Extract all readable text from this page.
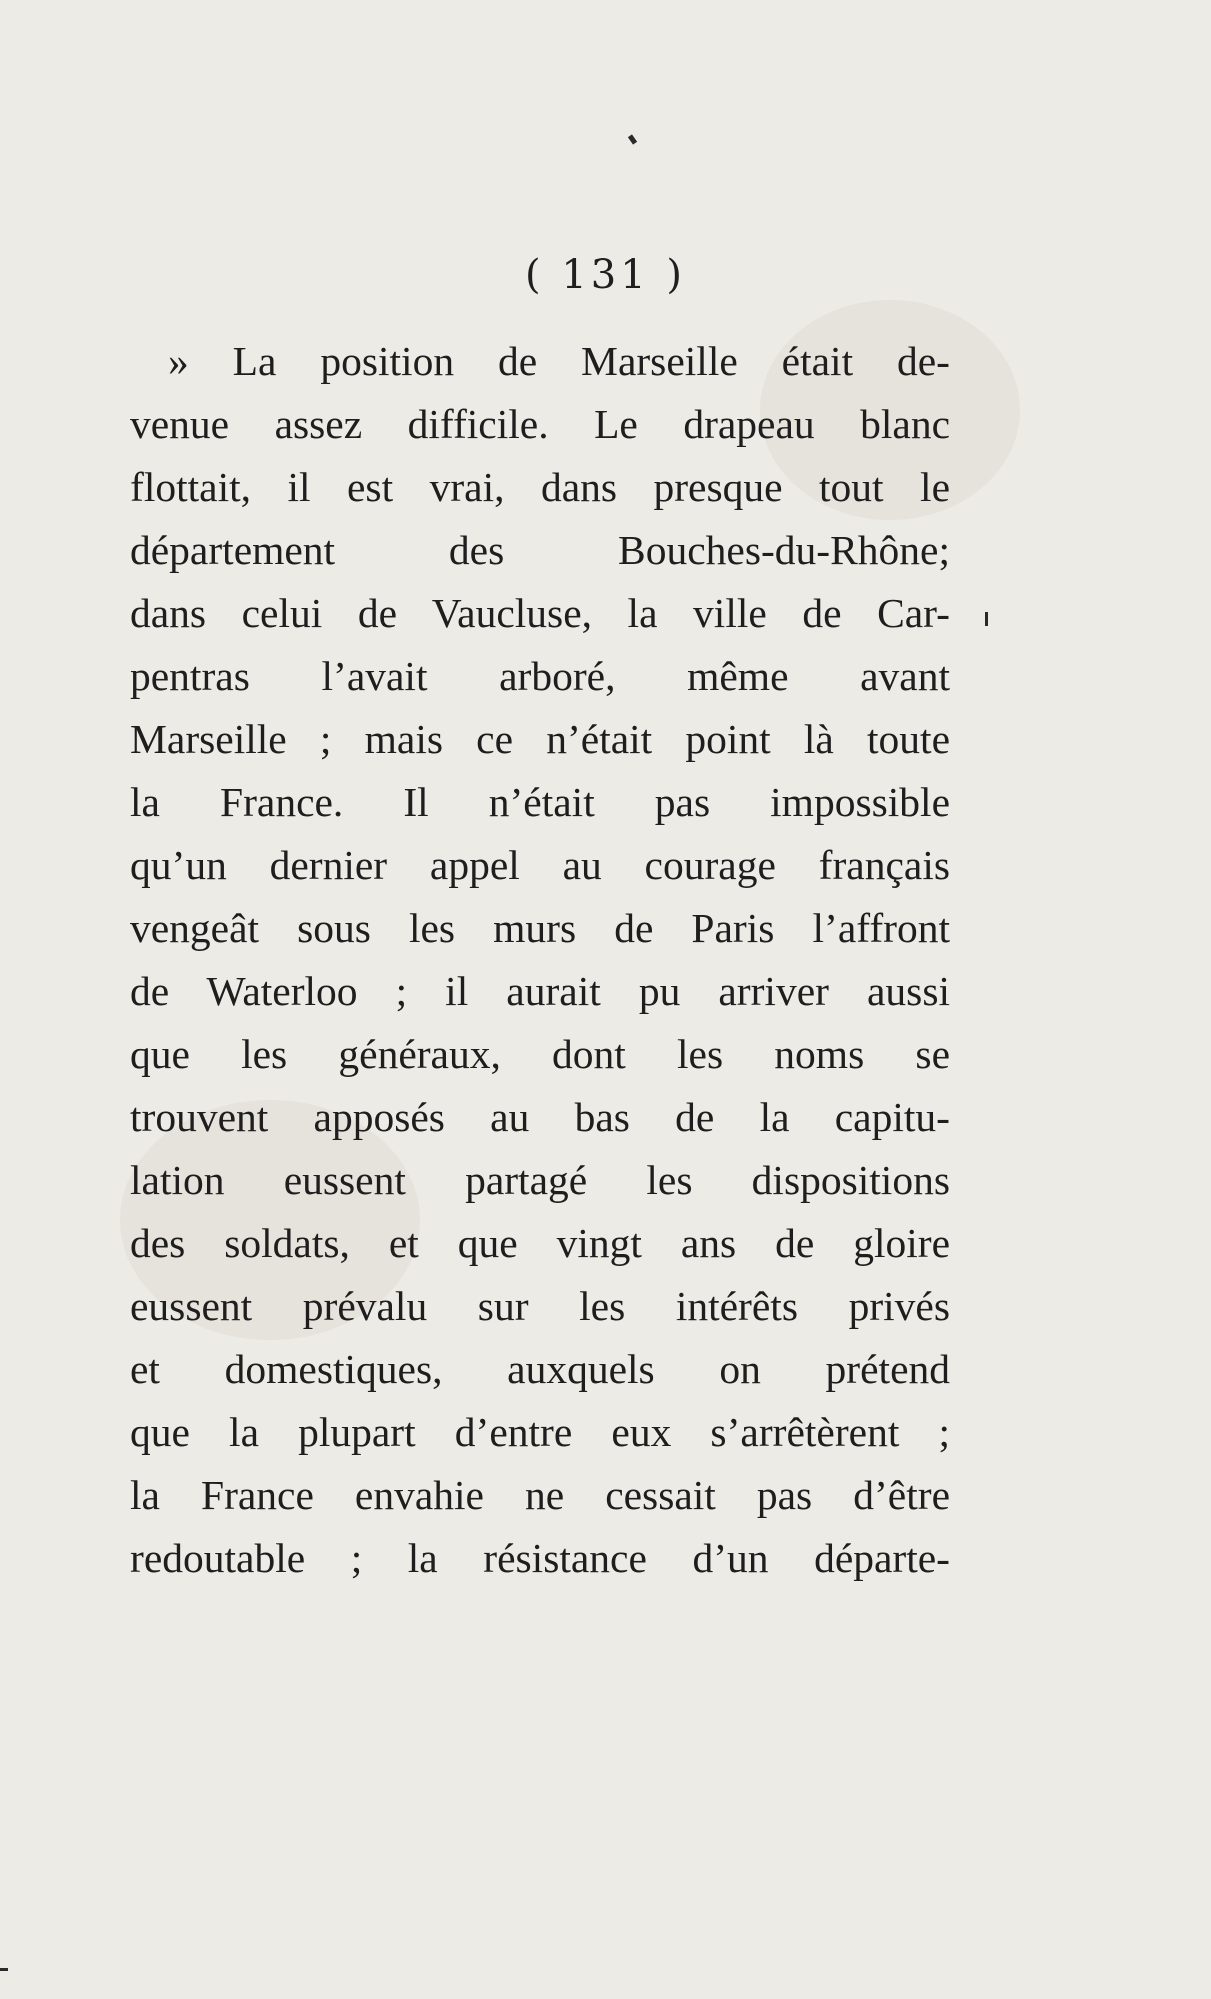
( 131 )
» La position de Marseille était de-
venue assez difficile. Le drapeau blanc
flottait, il est vrai, dans presque tout le
département des Bouches-du-Rhône;
dans celui de Vaucluse, la ville de Car-
pentras l’avait arboré, même avant
Marseille ; mais ce n’était point là toute
la France. Il n’était pas impossible
qu’un dernier appel au courage français
vengeât sous les murs de Paris l’affront
de Waterloo ; il aurait pu arriver aussi
que les généraux, dont les noms se
trouvent apposés au bas de la capitu-
lation eussent partagé les dispositions
des soldats, et que vingt ans de gloire
eussent prévalu sur les intérêts privés
et domestiques, auxquels on prétend
que la plupart d’entre eux s’arrêtèrent ;
la France envahie ne cessait pas d’être
redoutable ; la résistance d’un départe-
